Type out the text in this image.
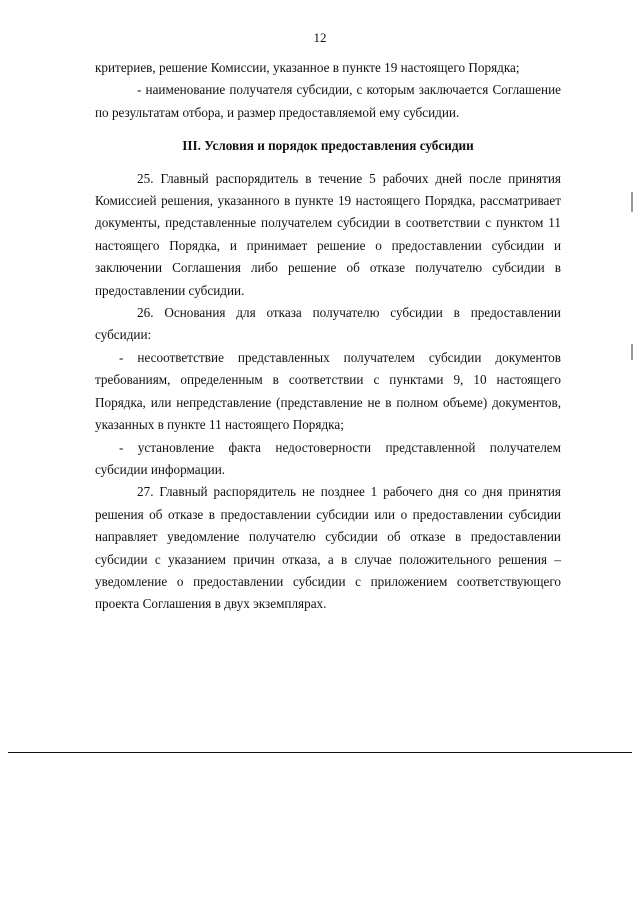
12

критериев, решение Комиссии, указанное в пункте 19 настоящего Порядка;

- наименование получателя субсидии, с которым заключается Соглашение по результатам отбора, и размер предоставляемой ему субсидии.

III. Условия и порядок предоставления субсидии

25. Главный распорядитель в течение 5 рабочих дней после принятия Комиссией решения, указанного в пункте 19 настоящего Порядка, рассматривает документы, представленные получателем субсидии в соответствии с пунктом 11 настоящего Порядка, и принимает решение о предоставлении субсидии и заключении Соглашения либо решение об отказе получателю субсидии в предоставлении субсидии.

26. Основания для отказа получателю субсидии в предоставлении субсидии:

- несоответствие представленных получателем субсидии документов требованиям, определенным в соответствии с пунктами 9, 10 настоящего Порядка, или непредставление (представление не в полном объеме) документов, указанных в пункте 11 настоящего Порядка;

- установление факта недостоверности представленной получателем субсидии информации.

27. Главный распорядитель не позднее 1 рабочего дня со дня принятия решения об отказе в предоставлении субсидии или о предоставлении субсидии направляет уведомление получателю субсидии об отказе в предоставлении субсидии с указанием причин отказа, а в случае положительного решения – уведомление о предоставлении субсидии с приложением соответствующего проекта Соглашения в двух экземплярах.
